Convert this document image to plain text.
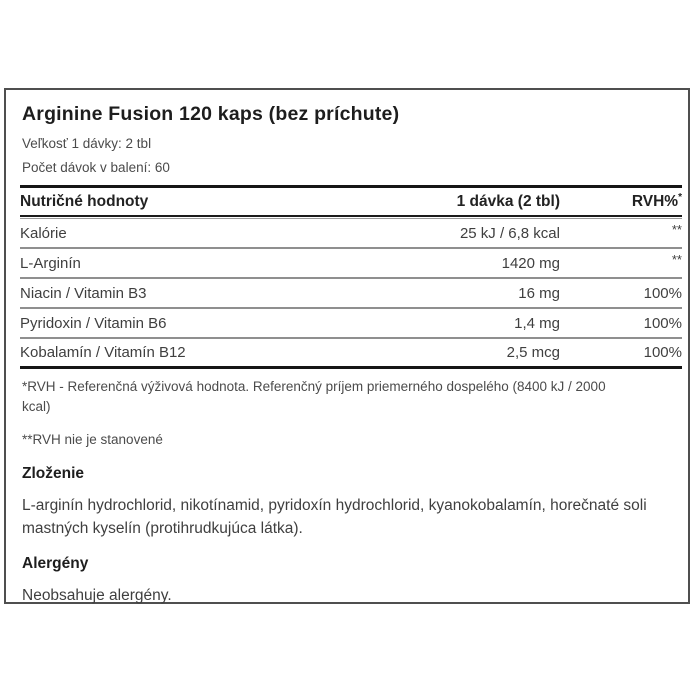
Arginine Fusion 120 kaps (bez príchute)
Veľkosť 1 dávky: 2 tbl
Počet dávok v balení: 60
Nutričné hodnoty	1 dávka (2 tbl)	RVH%*
Kalórie	25 kJ / 6,8 kcal	**
L-Arginín	1420 mg	**
Niacin / Vitamin B3	16 mg	100%
Pyridoxin / Vitamin B6	1,4 mg	100%
Kobalamín / Vitamín B12	2,5 mcg	100%
*RVH - Referenčná výživová hodnota. Referenčný príjem priemerného dospelého (8400 kJ / 2000 kcal)
**RVH nie je stanovené
Zloženie
L-arginín hydrochlorid, nikotínamid, pyridoxín hydrochlorid, kyanokobalamín, horečnaté soli mastných kyselín (protihrudkujúca látka).
Alergény
Neobsahuje alergény.
